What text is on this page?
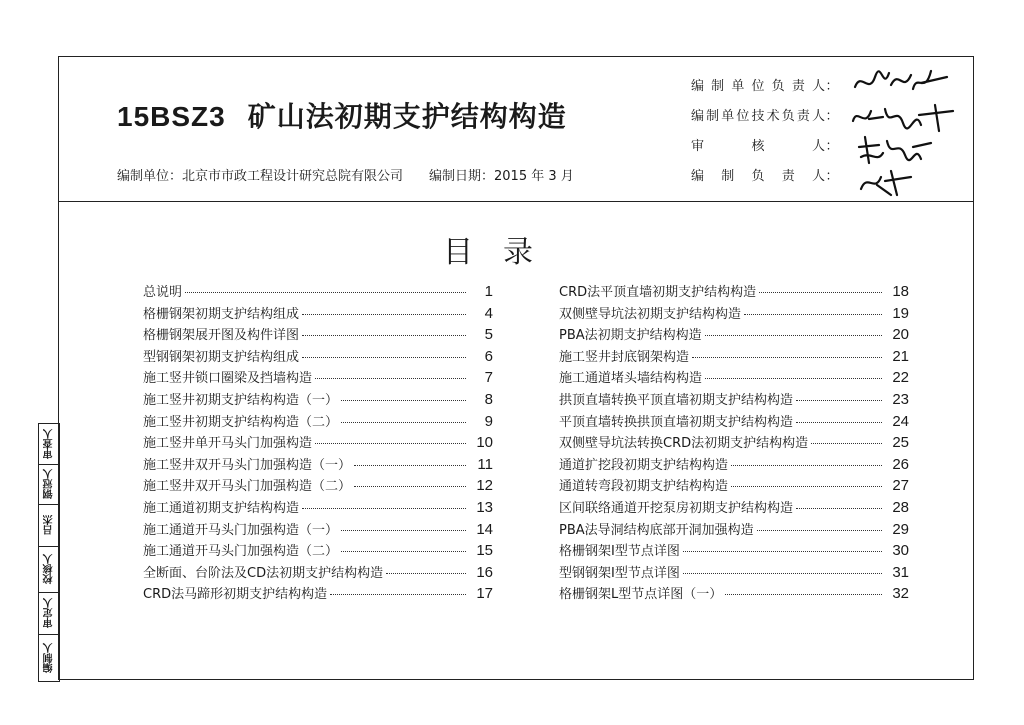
15BSZ3 矿山法初期支护结构构造
编制单位：北京市市政工程设计研究总院有限公司 编制日期：2015 年 3 月
编制单位负责人：
编制单位技术负责人：
审核人：
编制负责人：
目　录
总说明	1
格栅钢架初期支护结构组成	4
格栅钢架展开图及构件详图	5
型钢钢架初期支护结构组成	6
施工竖井锁口圈梁及挡墙构造	7
施工竖井初期支护结构构造（一）	8
施工竖井初期支护结构构造（二）	9
施工竖井单开马头门加强构造	10
施工竖井双开马头门加强构造（一）	11
施工竖井双开马头门加强构造（二）	12
施工通道初期支护结构构造	13
施工通道开马头门加强构造（一）	14
施工通道开马头门加强构造（二）	15
全断面、台阶法及CD法初期支护结构构造	16
CRD法马蹄形初期支护结构构造	17
CRD法平顶直墙初期支护结构构造	18
双侧壁导坑法初期支护结构构造	19
PBA法初期支护结构构造	20
施工竖井封底钢架构造	21
施工通道堵头墙结构构造	22
拱顶直墙转换平顶直墙初期支护结构构造	23
平顶直墙转换拱顶直墙初期支护结构构造	24
双侧壁导坑法转换CRD法初期支护结构构造	25
通道扩挖段初期支护结构构造	26
通道转弯段初期支护结构构造	27
区间联络通道开挖泵房初期支护结构构造	28
PBA法导洞结构底部开洞加强构造	29
格栅钢架Ⅰ型节点详图	30
型钢钢架Ⅰ型节点详图	31
格栅钢架L型节点详图（一）	32
审查人
钢冠人
吕杰
校核人
审定人
编制人
